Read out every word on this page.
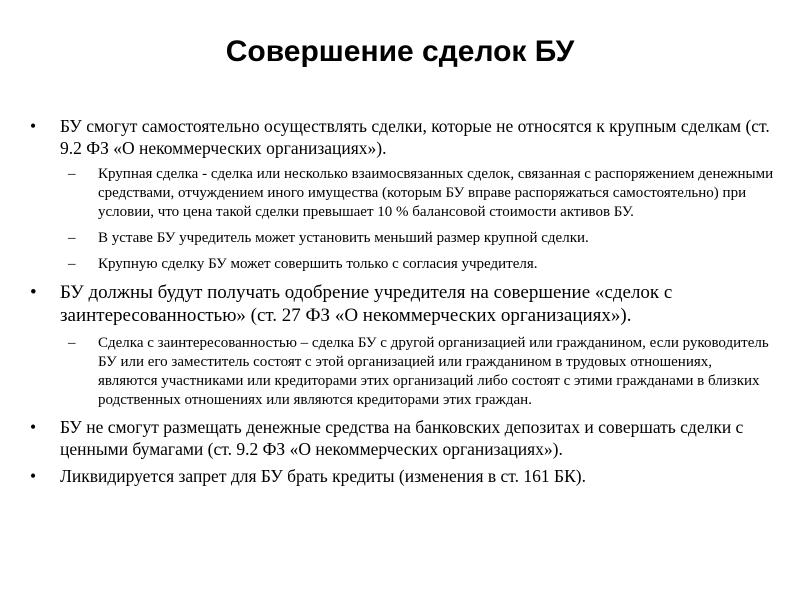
Совершение сделок БУ
• БУ смогут самостоятельно осуществлять сделки, которые не относятся к крупным сделкам (ст. 9.2 ФЗ «О некоммерческих организациях»).
– Крупная сделка - сделка или несколько взаимосвязанных сделок, связанная с распоряжением денежными средствами, отчуждением иного имущества (которым БУ вправе распоряжаться самостоятельно) при условии, что цена такой сделки превышает 10 % балансовой стоимости активов БУ.
– В уставе БУ учредитель может установить меньший размер крупной сделки.
– Крупную сделку БУ может совершить только с согласия учредителя.
• БУ должны будут получать одобрение учредителя на совершение «сделок с заинтересованностью» (ст. 27 ФЗ «О некоммерческих организациях»).
– Сделка с заинтересованностью – сделка БУ с другой организацией или гражданином, если руководитель БУ или его заместитель состоят с этой организацией или гражданином в трудовых отношениях, являются участниками или кредиторами этих организаций либо состоят с этими гражданами в близких родственных отношениях или являются кредиторами этих граждан.
• БУ не смогут размещать денежные средства на банковских депозитах и совершать сделки с ценными бумагами (ст. 9.2 ФЗ «О некоммерческих организациях»).
• Ликвидируется запрет для БУ брать кредиты (изменения в ст. 161 БК).
